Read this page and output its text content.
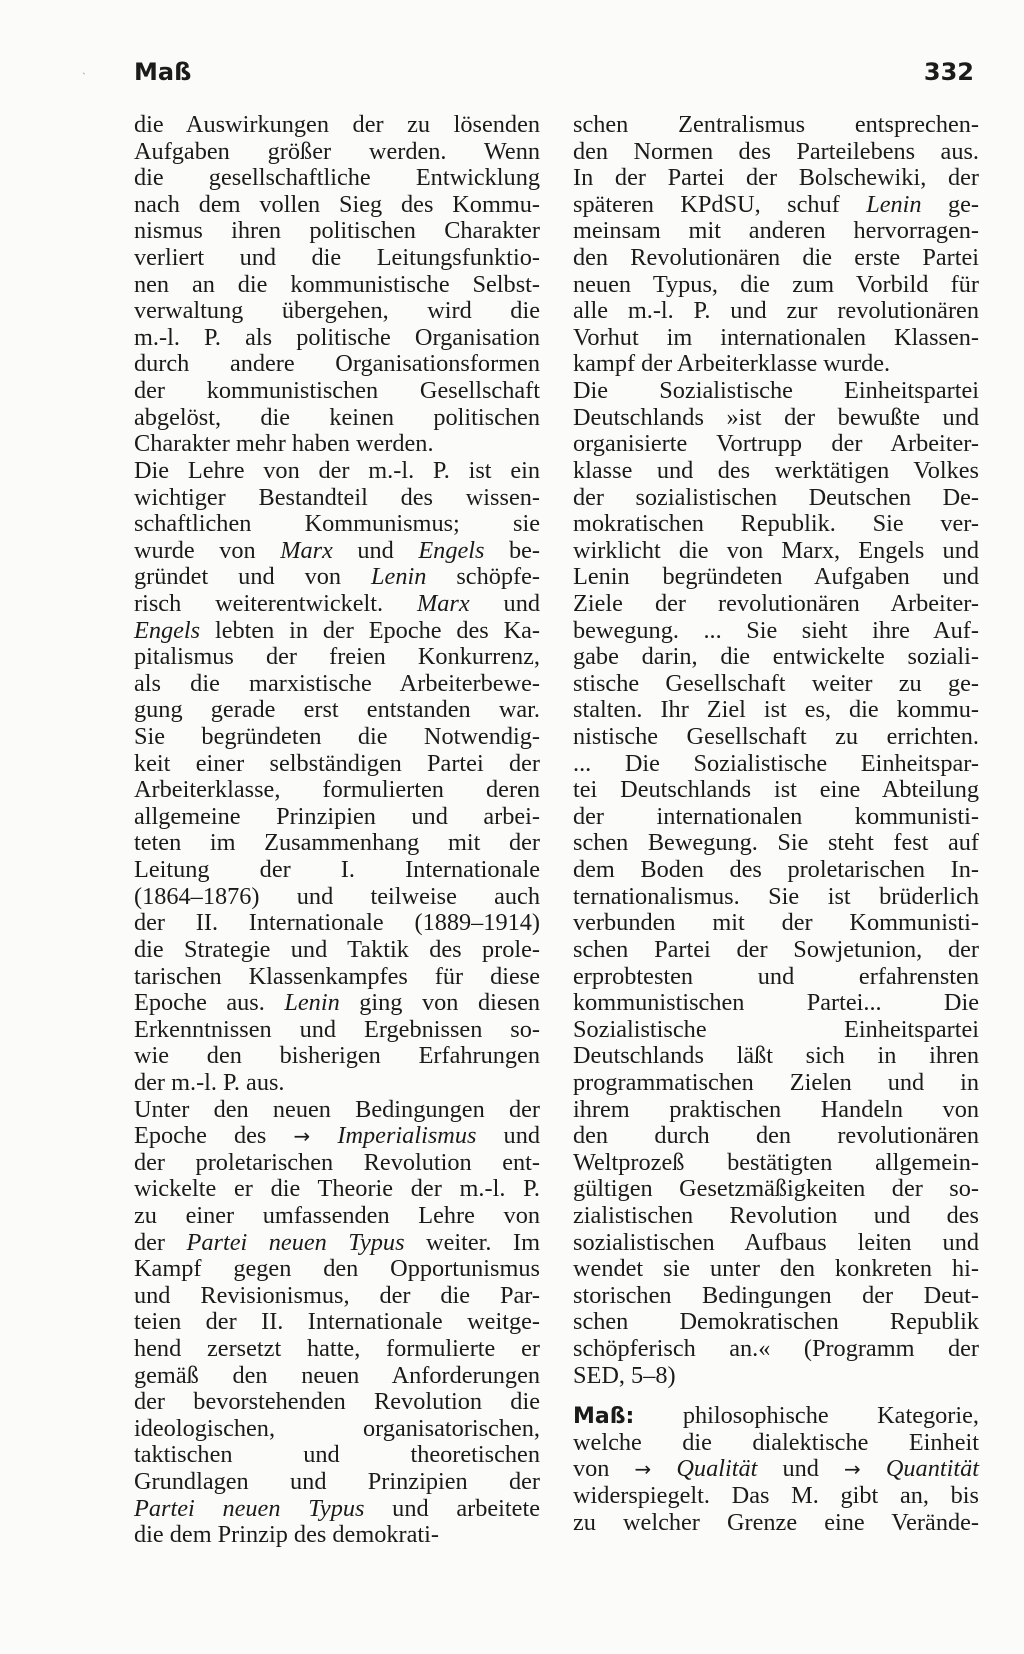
Maß	332
ˋ
die Auswirkungen der zu lösenden
Aufgaben größer werden. Wenn
die gesellschaftliche Entwicklung
nach dem vollen Sieg des Kommu-
nismus ihren politischen Charakter
verliert und die Leitungsfunktio-
nen an die kommunistische Selbst-
verwaltung übergehen, wird die
m.-l. P. als politische Organisation
durch andere Organisationsformen
der kommunistischen Gesellschaft
abgelöst, die keinen politischen
Charakter mehr haben werden.
Die Lehre von der m.-l. P. ist ein
wichtiger Bestandteil des wissen-
schaftlichen Kommunismus; sie
wurde von Marx und Engels be-
gründet und von Lenin schöpfe-
risch weiterentwickelt. Marx und
Engels lebten in der Epoche des Ka-
pitalismus der freien Konkurrenz,
als die marxistische Arbeiterbewe-
gung gerade erst entstanden war.
Sie begründeten die Notwendig-
keit einer selbständigen Partei der
Arbeiterklasse, formulierten deren
allgemeine Prinzipien und arbei-
teten im Zusammenhang mit der
Leitung der I. Internationale
(1864–1876) und teilweise auch
der II. Internationale (1889–1914)
die Strategie und Taktik des prole-
tarischen Klassenkampfes für diese
Epoche aus. Lenin ging von diesen
Erkenntnissen und Ergebnissen so-
wie den bisherigen Erfahrungen
der m.-l. P. aus.
Unter den neuen Bedingungen der
Epoche des → Imperialismus und
der proletarischen Revolution ent-
wickelte er die Theorie der m.-l. P.
zu einer umfassenden Lehre von
der Partei neuen Typus weiter. Im
Kampf gegen den Opportunismus
und Revisionismus, der die Par-
teien der II. Internationale weitge-
hend zersetzt hatte, formulierte er
gemäß den neuen Anforderungen
der bevorstehenden Revolution die
ideologischen, organisatorischen,
taktischen und theoretischen
Grundlagen und Prinzipien der
Partei neuen Typus und arbeitete
die dem Prinzip des demokrati-
schen Zentralismus entsprechen-
den Normen des Parteilebens aus.
In der Partei der Bolschewiki, der
späteren KPdSU, schuf Lenin ge-
meinsam mit anderen hervorragen-
den Revolutionären die erste Partei
neuen Typus, die zum Vorbild für
alle m.-l. P. und zur revolutionären
Vorhut im internationalen Klassen-
kampf der Arbeiterklasse wurde.
Die Sozialistische Einheitspartei
Deutschlands »ist der bewußte und
organisierte Vortrupp der Arbeiter-
klasse und des werktätigen Volkes
der sozialistischen Deutschen De-
mokratischen Republik. Sie ver-
wirklicht die von Marx, Engels und
Lenin begründeten Aufgaben und
Ziele der revolutionären Arbeiter-
bewegung. ... Sie sieht ihre Auf-
gabe darin, die entwickelte soziali-
stische Gesellschaft weiter zu ge-
stalten. Ihr Ziel ist es, die kommu-
nistische Gesellschaft zu errichten.
... Die Sozialistische Einheitspar-
tei Deutschlands ist eine Abteilung
der internationalen kommunisti-
schen Bewegung. Sie steht fest auf
dem Boden des proletarischen In-
ternationalismus. Sie ist brüderlich
verbunden mit der Kommunisti-
schen Partei der Sowjetunion, der
erprobtesten und erfahrensten
kommunistischen Partei... Die
Sozialistische Einheitspartei
Deutschlands läßt sich in ihren
programmatischen Zielen und in
ihrem praktischen Handeln von
den durch den revolutionären
Weltprozeß bestätigten allgemein-
gültigen Gesetzmäßigkeiten der so-
zialistischen Revolution und des
sozialistischen Aufbaus leiten und
wendet sie unter den konkreten hi-
storischen Bedingungen der Deut-
schen Demokratischen Republik
schöpferisch an.« (Programm der
SED, 5–8)
Maß: philosophische Kategorie,
welche die dialektische Einheit
von → Qualität und → Quantität
widerspiegelt. Das M. gibt an, bis
zu welcher Grenze eine Verände-
